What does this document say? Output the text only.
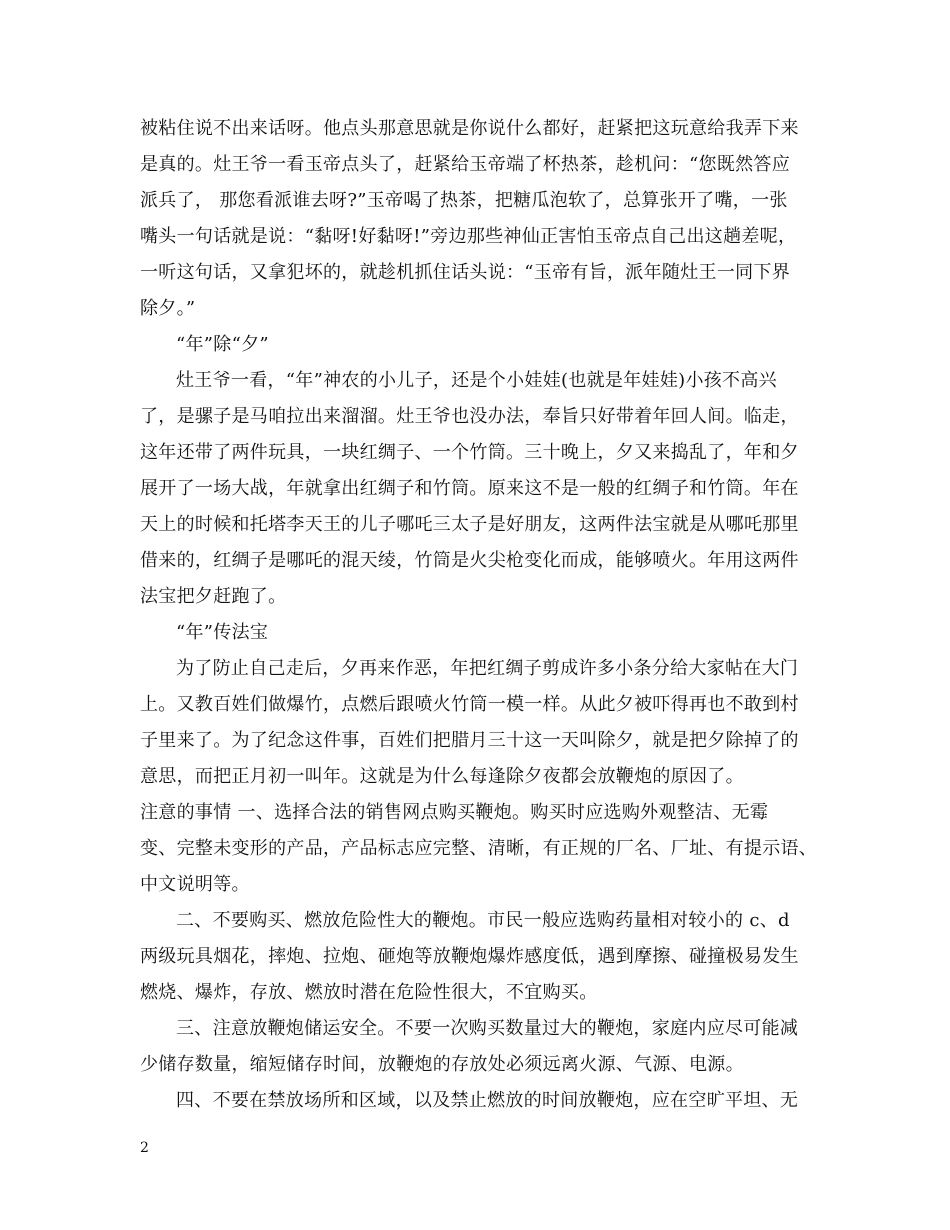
被粘住说不出来话呀。他点头那意思就是你说什么都好，赶紧把这玩意给我弄下来
是真的。灶王爷一看玉帝点头了，赶紧给玉帝端了杯热茶，趁机问：“您既然答应
派兵了， 那您看派谁去呀?”玉帝喝了热茶，把糖瓜泡软了，总算张开了嘴，一张
嘴头一句话就是说：“黏呀!好黏呀!”旁边那些神仙正害怕玉帝点自己出这趟差呢，
一听这句话，又拿犯坏的，就趁机抓住话头说：“玉帝有旨，派年随灶王一同下界
除夕。”
“年”除“夕”
灶王爷一看，“年”神农的小儿子，还是个小娃娃(也就是年娃娃)小孩不高兴
了，是骡子是马咱拉出来溜溜。灶王爷也没办法，奉旨只好带着年回人间。临走，
这年还带了两件玩具，一块红绸子、一个竹筒。三十晚上，夕又来捣乱了，年和夕
展开了一场大战，年就拿出红绸子和竹筒。原来这不是一般的红绸子和竹筒。年在
天上的时候和托塔李天王的儿子哪吒三太子是好朋友，这两件法宝就是从哪吒那里
借来的，红绸子是哪吒的混天绫，竹筒是火尖枪变化而成，能够喷火。年用这两件
法宝把夕赶跑了。
“年”传法宝
为了防止自己走后，夕再来作恶，年把红绸子剪成许多小条分给大家帖在大门
上。又教百姓们做爆竹，点燃后跟喷火竹筒一模一样。从此夕被吓得再也不敢到村
子里来了。为了纪念这件事，百姓们把腊月三十这一天叫除夕，就是把夕除掉了的
意思，而把正月初一叫年。这就是为什么每逢除夕夜都会放鞭炮的原因了。
注意的事情 一、选择合法的销售网点购买鞭炮。购买时应选购外观整洁、无霉
变、完整未变形的产品，产品标志应完整、清晰，有正规的厂名、厂址、有提示语、
中文说明等。
二、不要购买、燃放危险性大的鞭炮。市民一般应选购药量相对较小的 c、d
两级玩具烟花，摔炮、拉炮、砸炮等放鞭炮爆炸感度低，遇到摩擦、碰撞极易发生
燃烧、爆炸，存放、燃放时潜在危险性很大，不宜购买。
三、注意放鞭炮储运安全。不要一次购买数量过大的鞭炮，家庭内应尽可能减
少储存数量，缩短储存时间，放鞭炮的存放处必须远离火源、气源、电源。
四、不要在禁放场所和区域，以及禁止燃放的时间放鞭炮，应在空旷平坦、无
2
